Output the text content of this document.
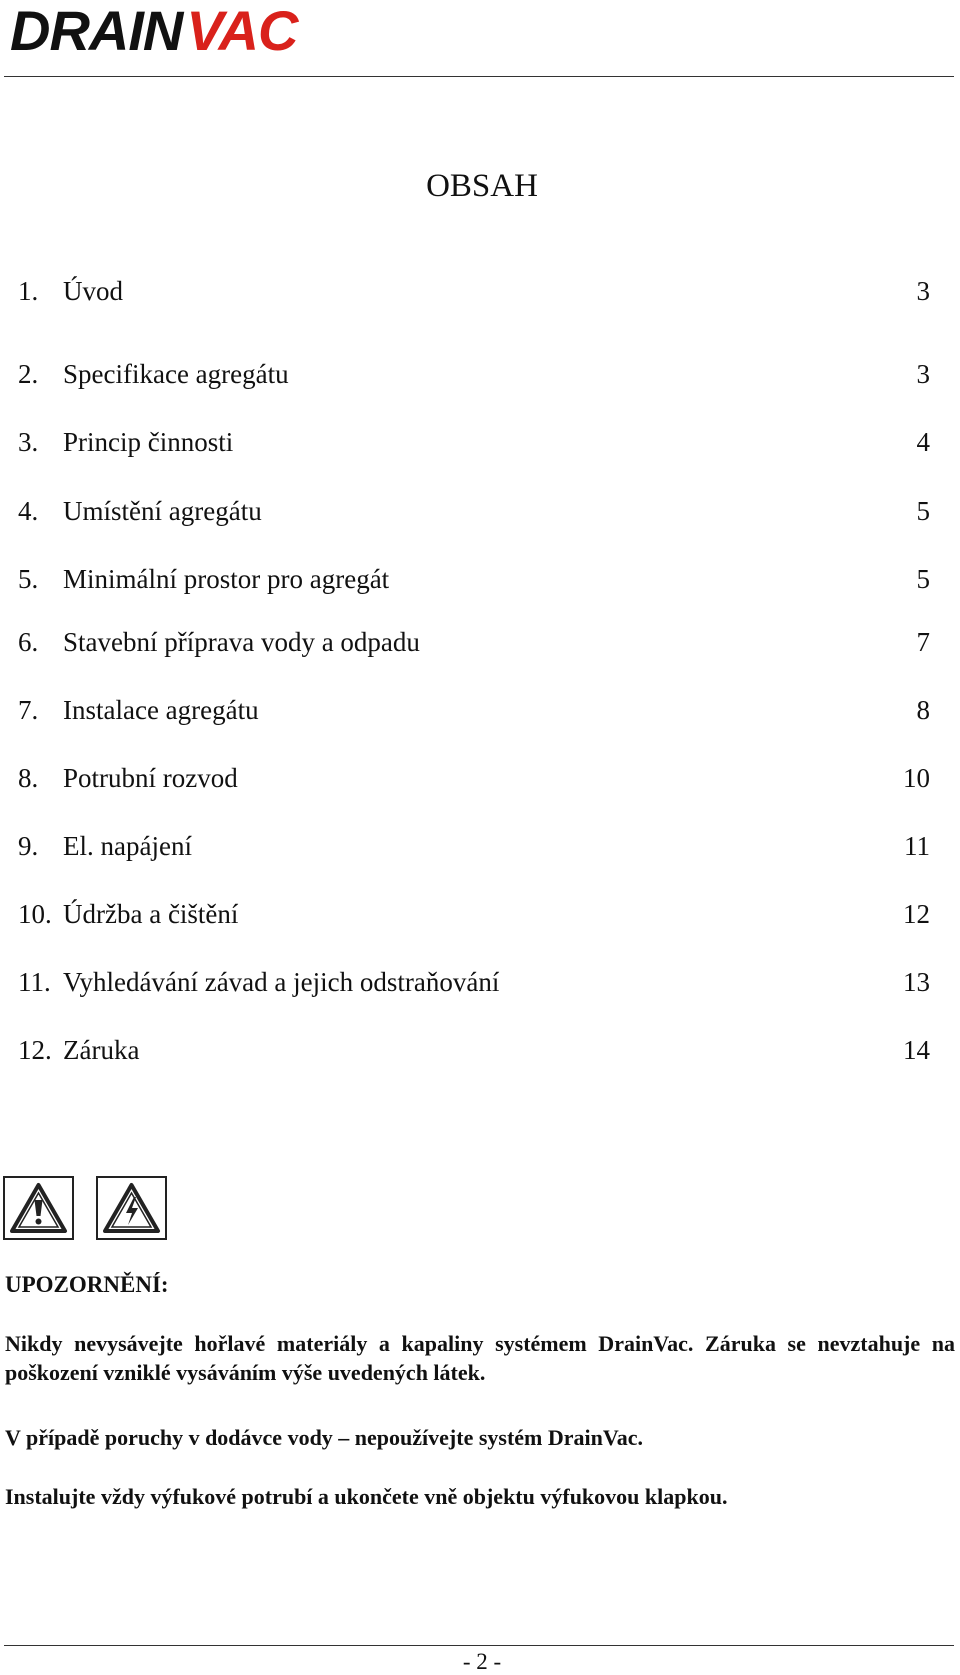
DRAINVAC
OBSAH
1. Úvod	3
2. Specifikace agregátu	3
3. Princip činnosti	4
4. Umístění agregátu	5
5. Minimální prostor pro agregát	5
6. Stavební příprava vody a odpadu	7
7. Instalace agregátu	8
8. Potrubní rozvod	10
9. El. napájení	11
10. Údržba a čištění	12
11. Vyhledávání závad a jejich odstraňování	13
12. Záruka	14
UPOZORNĚNÍ:

Nikdy nevysávejte hořlavé materiály a kapaliny systémem DrainVac. Záruka se nevztahuje na poškození vzniklé vysáváním výše uvedených látek.

V případě poruchy v dodávce vody – nepoužívejte systém DrainVac.

Instalujte vždy výfukové potrubí a ukončete vně objektu výfukovou klapkou.

- 2 -
